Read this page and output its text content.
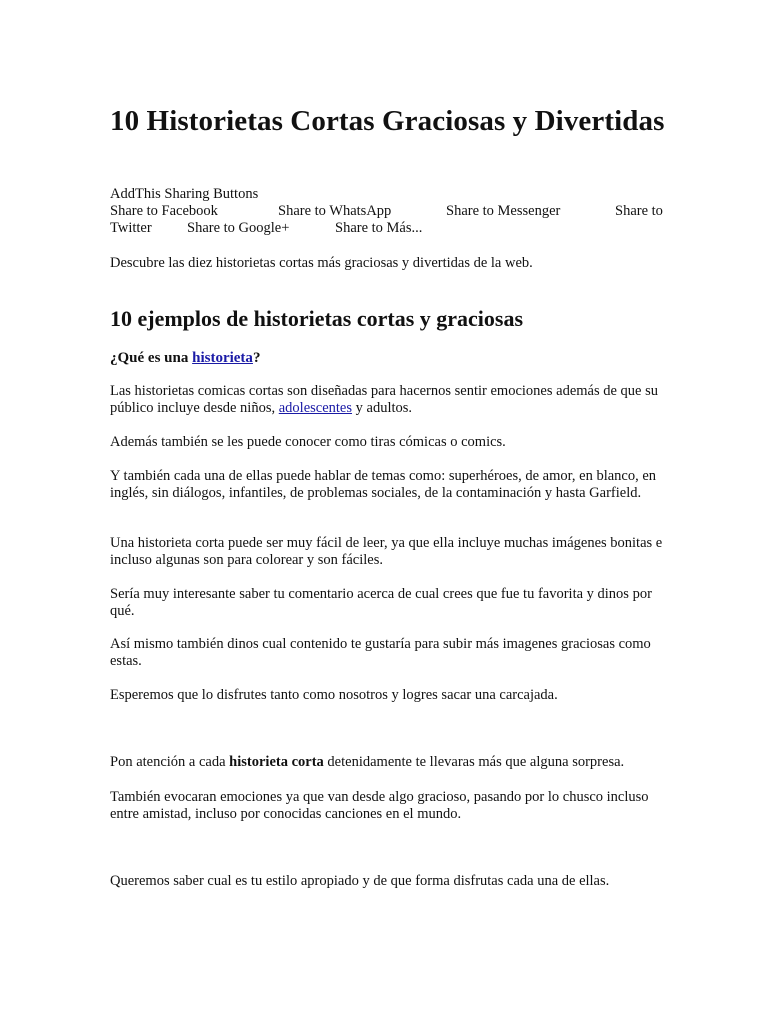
10 Historietas Cortas Graciosas y Divertidas
AddThis Sharing Buttons
Share to Facebook	Share to WhatsApp	Share to Messenger	Share to
Twitter Share to Google+	Share to Más...

Descubre las diez historietas cortas más graciosas y divertidas de la web.

10 ejemplos de historietas cortas y graciosas
¿Qué es una historieta?

Las historietas comicas cortas son diseñadas para hacernos sentir emociones además de que su público incluye desde niños, adolescentes y adultos.

Además también se les puede conocer como tiras cómicas o comics.

Y también cada una de ellas puede hablar de temas como: superhéroes, de amor, en blanco, en inglés, sin diálogos, infantiles, de problemas sociales, de la contaminación y hasta Garfield.

Una historieta corta puede ser muy fácil de leer, ya que ella incluye muchas imágenes bonitas e incluso algunas son para colorear y son fáciles.

Sería muy interesante saber tu comentario acerca de cual crees que fue tu favorita y dinos por qué.

Así mismo también dinos cual contenido te gustaría para subir más imagenes graciosas como estas.

Esperemos que lo disfrutes tanto como nosotros y logres sacar una carcajada.

Pon atención a cada historieta corta detenidamente te llevaras más que alguna sorpresa.

También evocaran emociones ya que van desde algo gracioso, pasando por lo chusco incluso entre amistad, incluso por conocidas canciones en el mundo.

Queremos saber cual es tu estilo apropiado y de que forma disfrutas cada una de ellas.
